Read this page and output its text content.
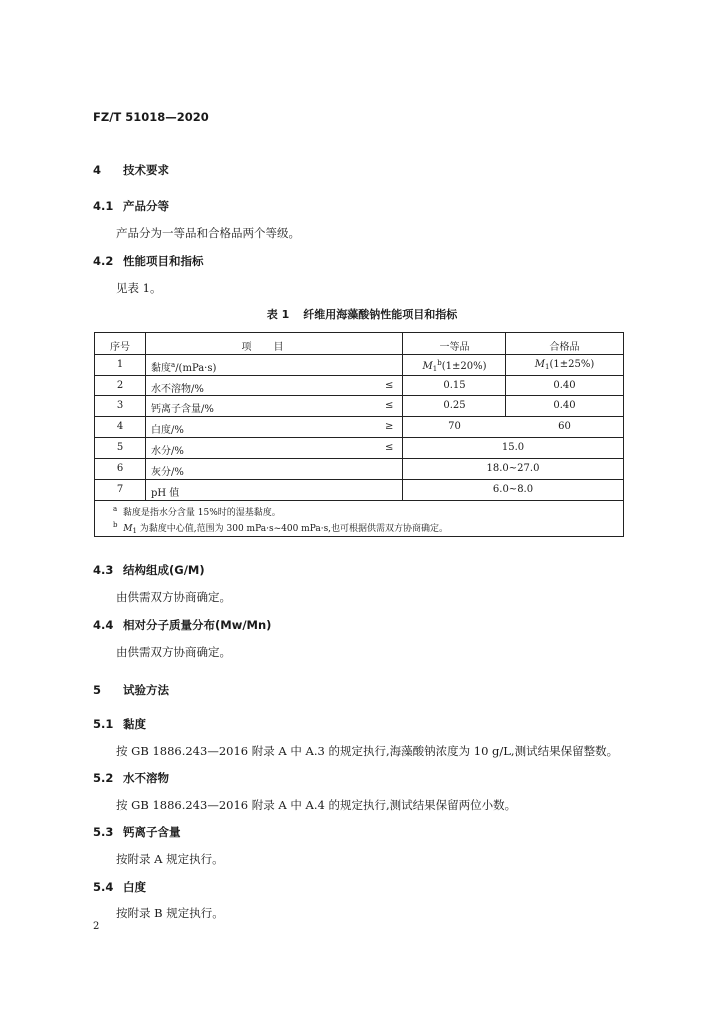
FZ/T 51018—2020
4 技术要求
4.1 产品分等
产品分为一等品和合格品两个等级。
4.2 性能项目和指标
见表 1。
表 1 纤维用海藻酸钠性能项目和指标
序号	项目	一等品	合格品
1	黏度$^a$/(mPa·s)	$M_1^b(1\pm 20\%)$	$M_1(1\pm 25\%)$
2	水不溶物/%	≤	0.15	0.40
3	钙离子含量/%	≤	0.25	0.40
4	白度/%	≥	70	60
5	水分/%	≤	15.0
6	灰分/%	18.0~27.0
7	pH 值	6.0~8.0
$^a$ 黏度是指水分含量 15%时的湿基黏度。
$^b$ $M_1$ 为黏度中心值,范围为 300 mPa·s~400 mPa·s,也可根据供需双方协商确定。
4.3 结构组成(G/M)
由供需双方协商确定。
4.4 相对分子质量分布(Mw/Mn)
由供需双方协商确定。
5 试验方法
5.1 黏度
按 GB 1886.243—2016 附录 A 中 A.3 的规定执行,海藻酸钠浓度为 10 g/L,测试结果保留整数。
5.2 水不溶物
按 GB 1886.243—2016 附录 A 中 A.4 的规定执行,测试结果保留两位小数。
5.3 钙离子含量
按附录 A 规定执行。
5.4 白度
按附录 B 规定执行。
2
